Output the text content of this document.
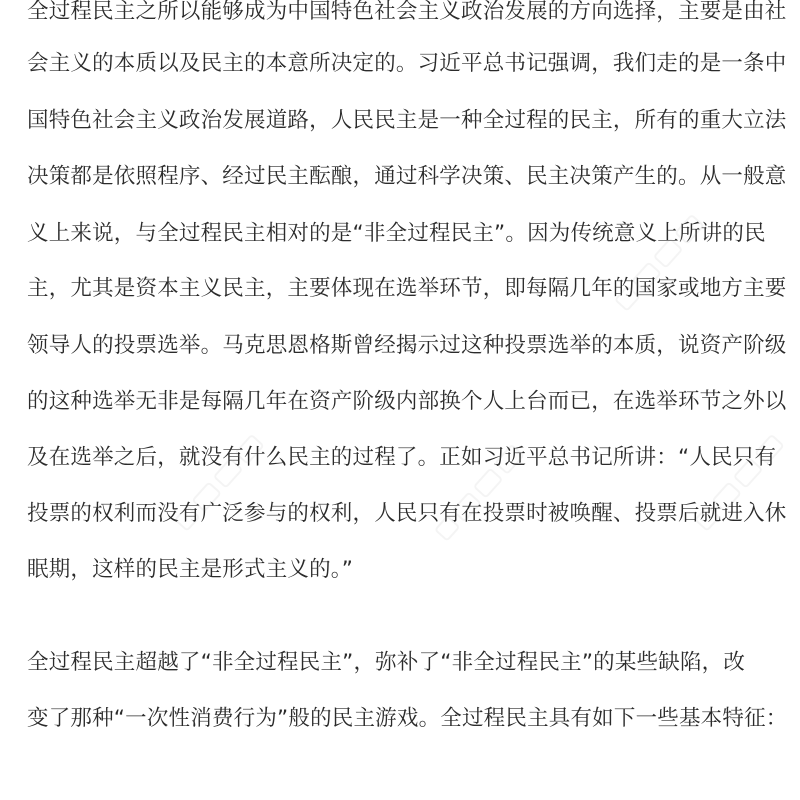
全过程民主之所以能够成为中国特色社会主义政治发展的方向选择，主要是由社
会主义的本质以及民主的本意所决定的。习近平总书记强调，我们走的是一条中
国特色社会主义政治发展道路，人民民主是一种全过程的民主，所有的重大立法
决策都是依照程序、经过民主酝酿，通过科学决策、民主决策产生的。从一般意
义上来说，与全过程民主相对的是“非全过程民主”。因为传统意义上所讲的民
主，尤其是资本主义民主，主要体现在选举环节，即每隔几年的国家或地方主要
领导人的投票选举。马克思恩格斯曾经揭示过这种投票选举的本质，说资产阶级
的这种选举无非是每隔几年在资产阶级内部换个人上台而已，在选举环节之外以
及在选举之后，就没有什么民主的过程了。正如习近平总书记所讲：“人民只有
投票的权利而没有广泛参与的权利，人民只有在投票时被唤醒、投票后就进入休
眠期，这样的民主是形式主义的。”
全过程民主超越了“非全过程民主”，弥补了“非全过程民主”的某些缺陷，改
变了那种“一次性消费行为”般的民主游戏。全过程民主具有如下一些基本特征：
